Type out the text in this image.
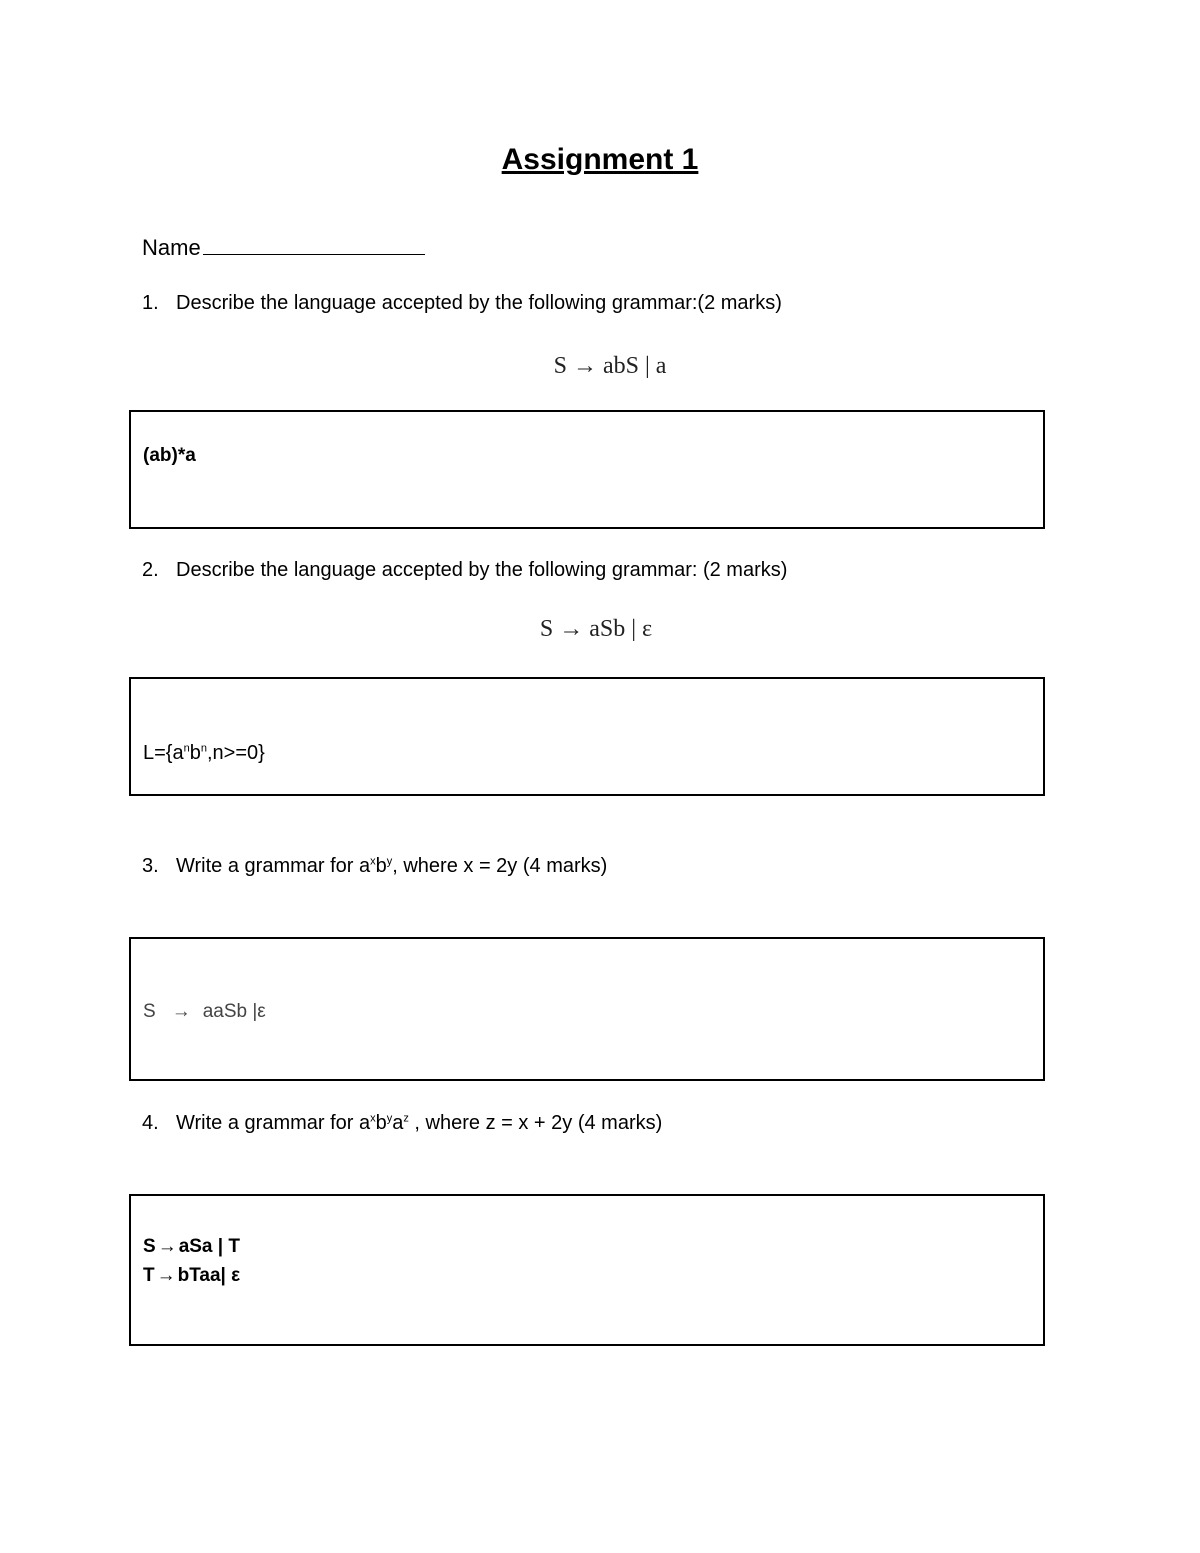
Assignment 1
Name
1. Describe the language accepted by the following grammar:(2 marks)
S → abS | a
(ab)*a
2. Describe the language accepted by the following grammar: (2 marks)
S → aSb | ε
$L=\{a^nb^n,n>=0\}$
3. Write a grammar for $a^xb^y$, where x = 2y (4 marks)
S → aaSb |ε
4. Write a grammar for $a^xb^ya^z$ , where z = x + 2y (4 marks)
S → aSa | T
T → bTaa| ε
